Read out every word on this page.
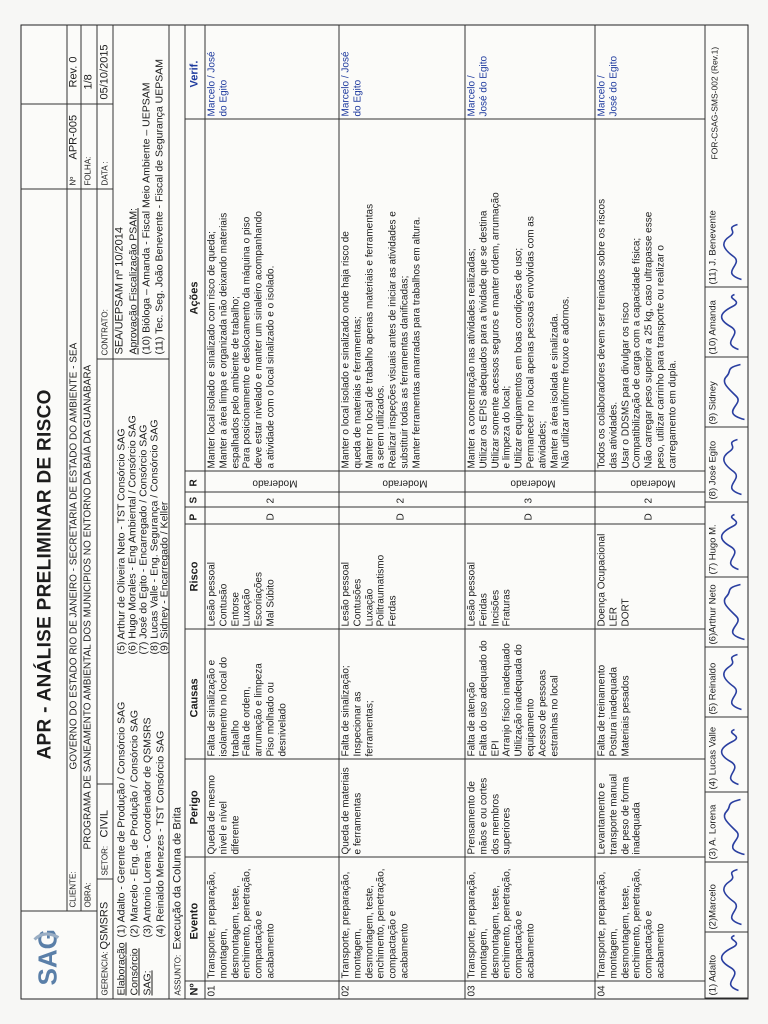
SAG
APR - ANÁLISE PRELIMINAR DE RISCO
CLIENTE:
GOVERNO DO ESTADO RIO DE JANEIRO - SECRETARIA DE ESTADO DO AMBIENTE - SEA
OBRA:
PROGRAMA DE SANEAMENTO AMBIENTAL DOS MUNICIPIOS NO ENTORNO DA BAÍA DA GUANABARA
Nº
APR-005
Rev. 0
FOLHA:
1/8
GERENCIA:
QSMSRS
SETOR:
CIVIL
CONTRATO: SEA/UEPSAM nº 10/2014
DATA :
05/10/2015
Elaboração Consórcio SAG:
(1) Adalto - Gerente de Produção / Consórcio SAG (2) Marcelo - Eng. de Produção / Consórcio SAG (3) Antonio Lorena - Coordenador de QSMSRS (4) Reinaldo Menezes - TST Consórcio SAG
(5) Arthur de Oliveira Neto - TST Consórcio SAG (6) Hugo Morales - Eng Ambiental / Consórcio SAG (7) José do Egito - Encarregado / Consórcio SAG (8) Lucas Valle - Eng. Segurança / Consórcio SAG
(9) Sidney - Encarregado / Keller
Aprovação Fiscalização PSAM: (10) Bióloga – Amanda - Fiscal Meio Ambiente – UEPSAM (11) Tec. Seg. João Benevente - Fiscal de Segurança UEPSAM
ASSUNTO:
Execução da Coluna de Brita
Nº
Evento
Perigo
Causas
Risco
P
S
R
Ações
Verif.
01
Transporte, preparação,
montagem,
desmontagem, teste,
enchimento, penetração,
compactação e
acabamento
Queda de mesmo
nível e nível
diferente
Falta de sinalização e
isolamento no local do
trabalho
Falta de ordem,
arrumação e limpeza
Piso molhado ou
desnivelado
Lesão pessoal
Contusão
Entorse
Luxação
Escoriações
Mal Súbito
D
2
Manter local isolado e sinalizado com risco de queda;
Manter a área limpa e organizada não deixando materiais
espalhados pelo ambiente de trabalho;
Para posicionamento e deslocamento da máquina o piso
deve estar nivelado e manter um sinaleiro acompanhando
a atividade com o local sinalizado e o isolado.
Marcelo / José
do Egito
Moderado
02
Transporte, preparação,
montagem,
desmontagem, teste,
enchimento, penetração,
compactação e
acabamento
Queda de materiais
e ferramentas
Falta de sinalização;
Inspecionar as
ferramentas;
Lesão pessoal
Contusões
Luxação
Politraumatismo
Ferdas
D
2
Manter o local isolado e sinalizado onde haja risco de
queda de materiais e ferramentas;
Manter no local de trabalho apenas materiais e ferramentas
a serem utilizados.
Realizar inspeções visuais antes de iniciar as atividades e
substituir todas as ferramentas danificadas;
Manter ferramentas amarradas para trabalhos em altura.
Marcelo / José
do Egito
Moderado
03
Transporte, preparação,
montagem,
desmontagem, teste,
enchimento, penetração,
compactação e
acabamento
Prensamento de
mãos e ou cortes
dos membros
superiores
Falta de atenção
Falta do uso adequado do
EPI
Arranjo físico inadequado
Utilização inadequada do
equipamento
Acesso de pessoas
estranhas no local
Lesão pessoal
Feridas
Incisões
Fraturas
D
3
Manter a concentração nas atividades realizadas;
Utilizar os EPIS adequados para a tividade que se destina
Utilizar somente acessos seguros e manter ordem, arrumação
e limpeza do local;
Utilizar equipamentos em boas condições de uso;
Permanecer no local apenas pessoas envolvidas com as
atividades;
Manter a área isolada e sinalizada.
Não utilizar uniforme frouxo e adornos.
Marcelo /
José do Egito
Moderado
04
Transporte, preparação,
montagem,
desmontagem, teste,
enchimento, penetração,
compactação e
acabamento
Levantamento e
transporte manual
de peso de forma
inadequada
Falta de treinamento
Postura inadequada
Materiais pesados
Doença Ocupacional
LER
DORT
D
2
Todos os colaboradores devem ser treinados sobre os riscos
das atividades.
Usar o DDSMS para divulgar os risco
Compatibilização de carga com a capacidade física;
Não carregar peso superior a 25 kg, caso ultrapasse esse
peso, utilizar carrinho para transporte ou realizar o
carregamento em dupla.
Marcelo /
José do Egito
Moderado
(1) Adalto
(2)Marcelo
(3) A. Lorena
(4) Lucas Valle
(5) Reinaldo
(6)Arthur Neto
(7) Hugo M.
(8) José Egito
(9) Sidney
(10) Amanda
(11) J. Benevente
FOR-CSAG-SMS-002 (Rev.1)
